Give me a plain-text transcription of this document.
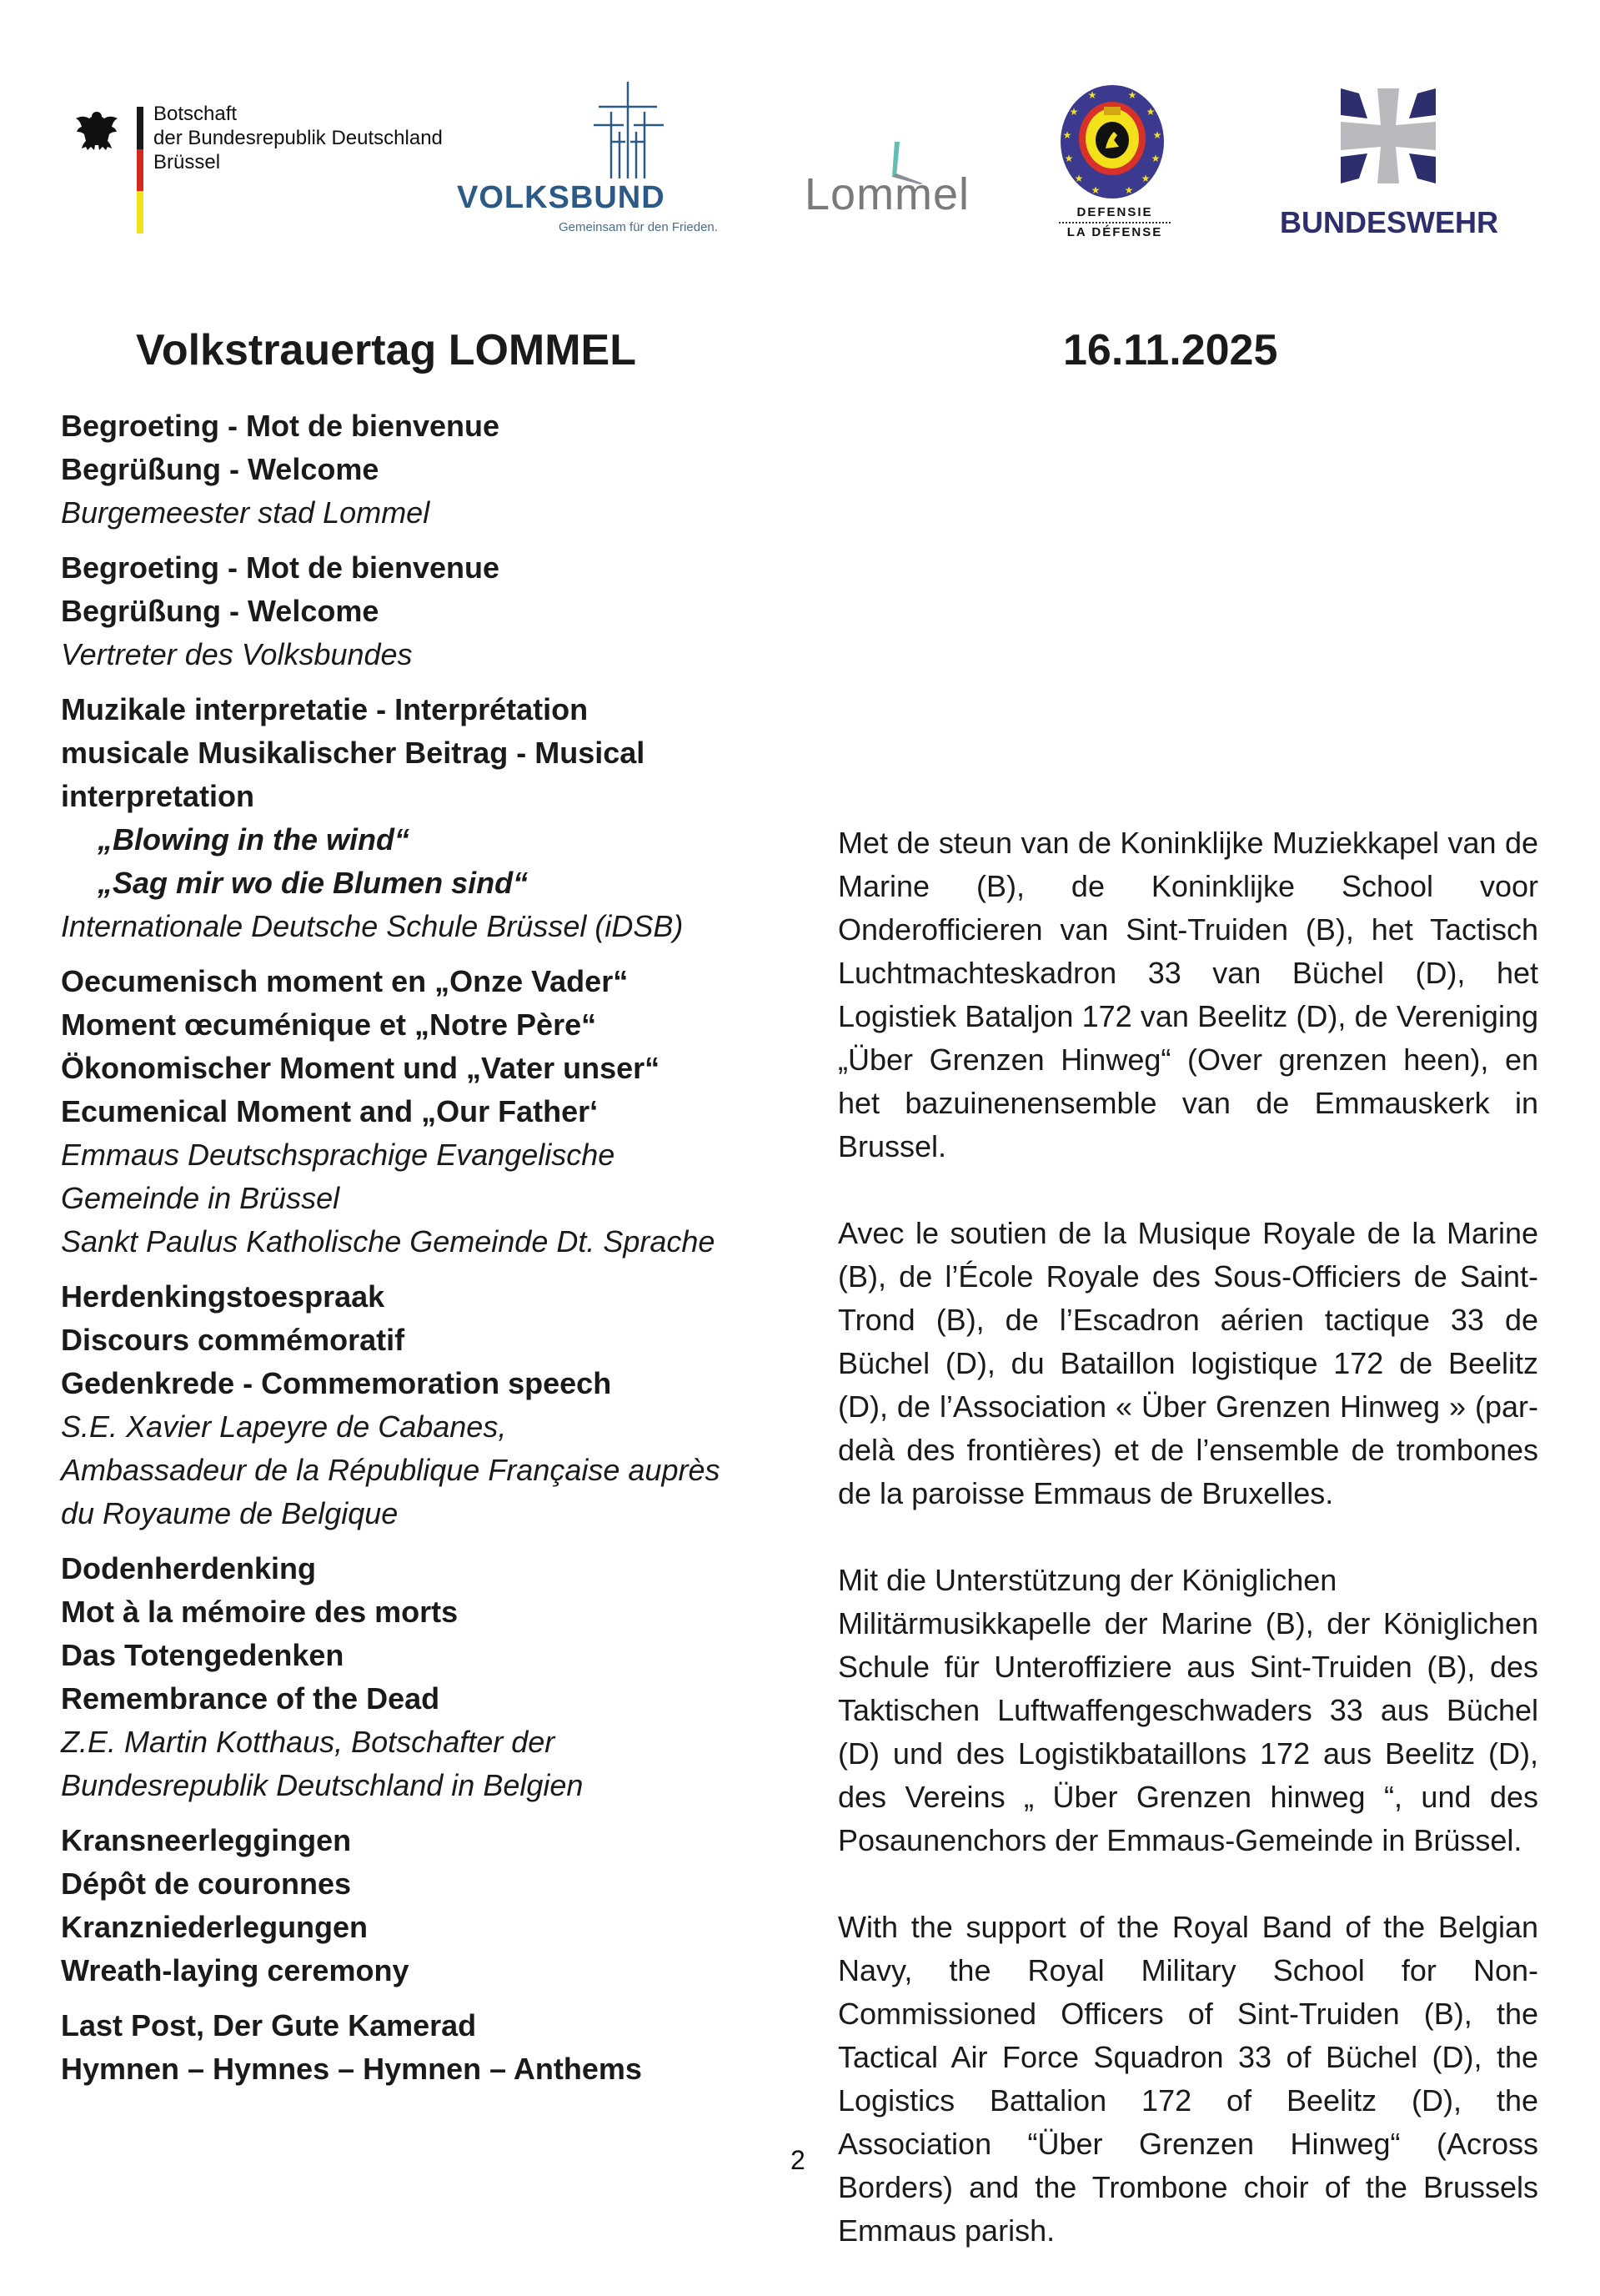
Botschaft
der Bundesrepublik Deutschland
Brüssel
VOLKSBUND
Gemeinsam für den Frieden.
Lommel
★	★
★	★
★	★
★	★
★	★
★ ★
DEFENSIE
LA DÉFENSE	BUNDESWEHR
Volkstrauertag LOMMEL	16.11.2025
Begroeting - Mot de bienvenue
Begrüßung - Welcome
Burgemeester stad Lommel
Begroeting - Mot de bienvenue
Begrüßung - Welcome
Vertreter des Volksbundes
Muzikale interpretatie - Interprétation
musicale Musikalischer Beitrag - Musical
interpretation
„Blowing in the wind“
„Sag mir wo die Blumen sind“
Internationale Deutsche Schule Brüssel (iDSB)
Oecumenisch moment en „Onze Vader“
Moment œcuménique et „Notre Père“
Ökonomischer Moment und „Vater unser“
Ecumenical Moment and „Our Father‘
Emmaus Deutschsprachige Evangelische
Gemeinde in Brüssel
Sankt Paulus Katholische Gemeinde Dt. Sprache
Herdenkingstoespraak
Discours commémoratif
Gedenkrede - Commemoration speech
S.E. Xavier Lapeyre de Cabanes,
Ambassadeur de la République Française auprès
du Royaume de Belgique
Dodenherdenking
Mot à la mémoire des morts
Das Totengedenken
Remembrance of the Dead
Z.E. Martin Kotthaus, Botschafter der
Bundesrepublik Deutschland in Belgien
Kransneerleggingen
Dépôt de couronnes
Kranzniederlegungen
Wreath-laying ceremony
Last Post, Der Gute Kamerad
Hymnen – Hymnes – Hymnen – Anthems

Met de steun van de Koninklijke Muziekkapel van de Marine (B), de Koninklijke School voor Onderofficieren van Sint-Truiden (B), het Tactisch Luchtmachteskadron 33 van Büchel (D), het Logistiek Bataljon 172 van Beelitz (D), de Vereniging „Über Grenzen Hinweg“ (Over grenzen heen), en het bazuinenensemble van de Emmauskerk in Brussel.

Avec le soutien de la Musique Royale de la Marine (B), de l’École Royale des Sous-Officiers de Saint-Trond (B), de l’Escadron aérien tactique 33 de Büchel (D), du Bataillon logistique 172 de Beelitz (D), de l’Association « Über Grenzen Hinweg » (par-delà des frontières) et de l’ensemble de trombones de la paroisse Emmaus de Bruxelles.

Mit die Unterstützung der Königlichen
Militärmusikkapelle der Marine (B), der Königlichen Schule für Unteroffiziere aus Sint-Truiden (B), des Taktischen Luftwaffengeschwaders 33 aus Büchel (D) und des Logistikbataillons 172 aus Beelitz (D), des Vereins „ Über Grenzen hinweg “, und des Posaunenchors der Emmaus-Gemeinde in Brüssel.

With the support of the Royal Band of the Belgian Navy, the Royal Military School for Non-Commissioned Officers of Sint-Truiden (B), the Tactical Air Force Squadron 33 of Büchel (D), the Logistics Battalion 172 of Beelitz (D), the Association “Über Grenzen Hinweg“ (Across Borders) and the Trombone choir of the Brussels Emmaus parish.

2
